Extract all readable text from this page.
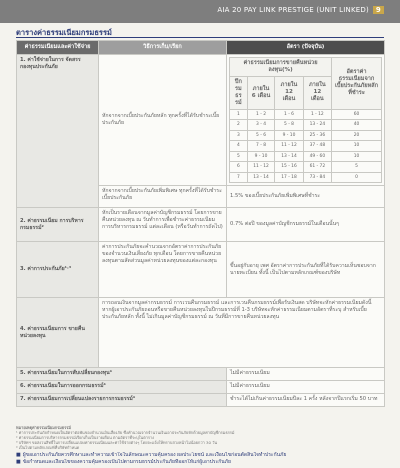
AIA 20 PAY LINK PRESTIGE (UNIT LINKED) 9
ตารางค่าธรรมเนียมกรมธรรม์
ค่าธรรมเนียมและค่าใช้จ่าย	วิธีการเก็บ/เรียก	อัตรา (ปัจจุบัน)
1. ค่าใช้จ่ายในการ จัดสรรกองทุนประกันภัย	หักจากจากเบี้ยประกันภัยหลัก ทุกครั้งที่ได้รับชำระเบี้ยประกันภัย	
ค่าธรรมเนียมการขายคืนหน่วยลงทุน(%)	อัตราค่าธรรมเนียมจากเบี้ยประกันภัยหลักที่ชำระ
ปีกรมธรรม์	ภายใน 6 เดือน	ภายใน 12 เดือน	ภายใน 12 เดือน
1	1 - 2	1 - 6	1 - 12	60
2	3 - 4	5 - 8	13 - 24	40
3	5 - 6	9 - 10	25 - 36	20
4	7 - 8	11 - 12	37 - 48	10
5	9 - 10	13 - 14	49 - 60	10
6	11 - 12	15 - 16	61 - 72	5
7	13 - 14	17 - 18	73 - 84	0

หักจากจากเบี้ยประกันภัยเพิ่มพิเศษ ทุกครั้งที่ได้รับชำระเบี้ยประกันภัย	1.5% ของเบี้ยประกันภัยเพิ่มพิเศษที่ชำระ
2. ค่าธรรมเนียม การบริหารกรมธรรม์²	หักเป็นรายเดือนจากมูลค่าบัญชีกรมธรรม์ โดยการขายคืนหน่วยลงทุน ณ วันทำการเพื่อชำระค่าธรรมเนียมการบริหารกรมธรรม์ แต่ละเดือน (หรือวันทำการถัดไป)	0.7% ต่อปี ของมูลค่าบัญชีกรมธรรม์ในเดือนนั้นๆ
3. ค่าการประกันภัย¹·³	ค่าการประกันภัยจะคำนวณจากอัตราค่าการประกันภัย ของจำนวนเงินเสี่ยงภัย ทุกเดือน โดยการขายคืนหน่วยลงทุนตามสัดส่วนมูลค่าหน่วยลงทุนของแต่ละกองทุน	ขึ้นอยู่กับอายุ เพศ อัตราค่าการประกันภัยที่ได้รับความเห็นชอบจากนายทะเบียน ทั้งนี้ เป็นไปตามหลักเกณฑ์ของบริษัท
4. ค่าธรรมเนียมการ ขายคืนหน่วยลงทุน	การถอนเงินจากมูลค่ากรมธรรม์ การเวนคืนกรมธรรม์ และการเวนคืนกรมธรรม์เพื่อรับเงินสด บริษัทจะหักค่าธรรมเนียมดังนี้ หากผู้เอาประกันภัยถอนหรือขายคืนหน่วยลงทุนในปีกรมธรรม์ที่ 1-3 บริษัทจะหักค่าธรรมเนียมตามอัตราที่ระบุ สำหรับเบี้ยประกันภัยหลัก ทั้งนี้ ไม่เกินมูลค่าบัญชีกรมธรรม์ ณ วันที่มีการขายคืนหน่วยลงทุน
5. ค่าธรรมเนียมในการสับเปลี่ยนกองทุน⁴	ไม่มีค่าธรรมเนียม
6. ค่าธรรมเนียมในการออกกรมธรรม์⁴	ไม่มีค่าธรรมเนียม
7. ค่าธรรมเนียมการเปลี่ยนแปลงรายการกรมธรรม์⁴	ชำระได้ไม่เกินค่าธรรมเนียมปีละ 1 ครั้ง หลังจากปีแรกเริ่ม 50 บาท
หมายเหตุค่าธรรมเนียมกรมธรรม์
¹ ค่าการประกันภัยกำหนดเป็นอัตราต่อพันของจำนวนเงินเสี่ยงภัย ซึ่งคำนวณจากจำนวนเงินเอาประกันภัยหักด้วยมูลค่าบัญชีกรมธรรม์
² ค่าธรรมเนียมการบริหารกรมธรรม์เรียกเก็บเป็นรายเดือน ตามอัตราที่ระบุในตาราง
³ บริษัทฯ ขอสงวนสิทธิ์ในการเปลี่ยนแปลงค่าธรรมเนียมและค่าใช้จ่ายต่างๆ โดยจะแจ้งให้ทราบล่วงหน้าไม่น้อยกว่า 30 วัน
⁴ เป็นไปตามหลักเกณฑ์ที่บริษัทกำหนด
■ ผู้ขอเอาประกันภัยควรศึกษาและทำความเข้าใจในลักษณะความคุ้มครอง ผลประโยชน์ และเงื่อนไขก่อนตัดสินใจทำประกันภัย
■ ข้อกำหนดและเงื่อนไขของความคุ้มครองเป็นไปตามกรมธรรม์ประกันภัยที่ออกให้แก่ผู้เอาประกันภัย
